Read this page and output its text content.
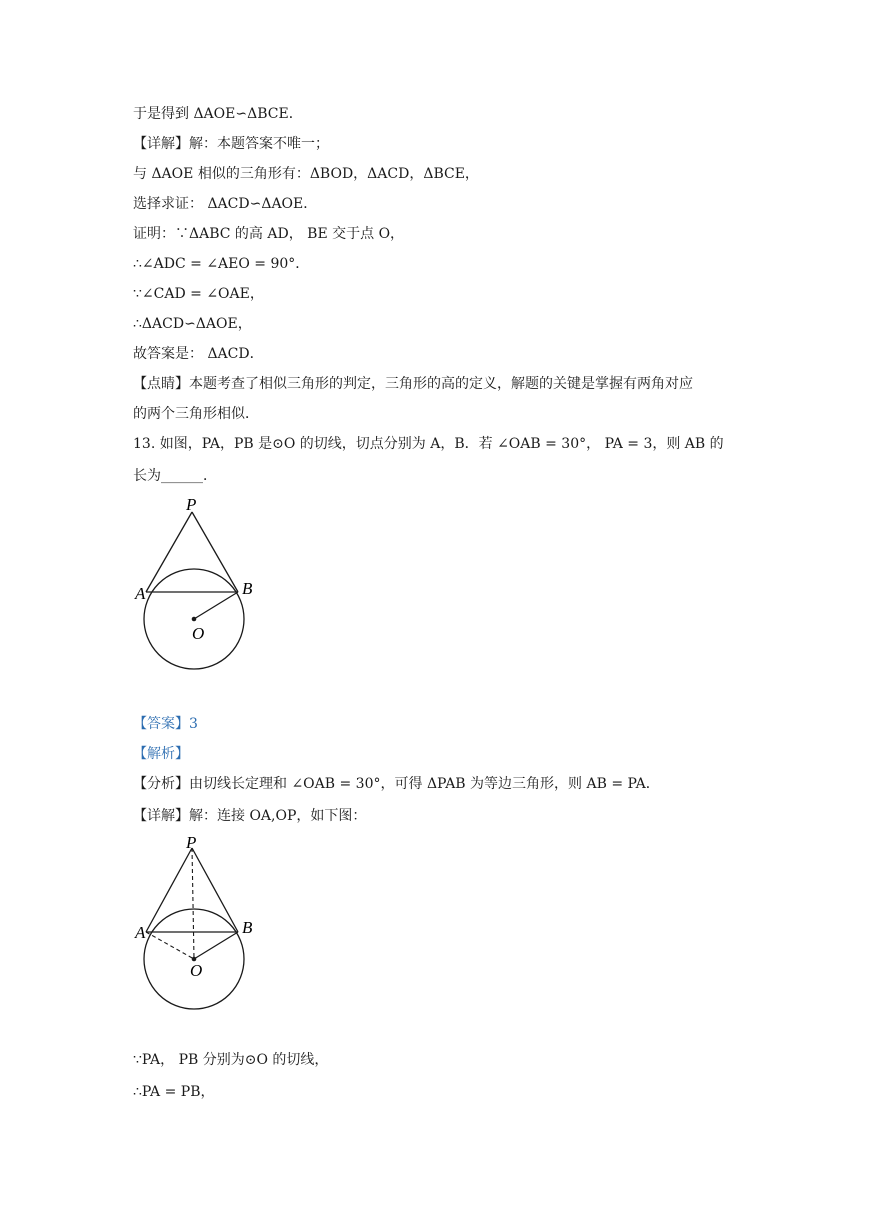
于是得到 ΔAOE∽ΔBCE．
【详解】解：本题答案不唯一；
与 ΔAOE 相似的三角形有：ΔBOD，ΔACD，ΔBCE，
选择求证： ΔACD∽ΔAOE．
证明：∵ΔABC 的高 AD， BE 交于点 O，
∴∠ADC = ∠AEO = 90°．
∵∠CAD = ∠OAE，
∴ΔACD∽ΔAOE，
故答案是： ΔACD．
【点睛】本题考查了相似三角形的判定，三角形的高的定义，解题的关键是掌握有两角对应
的两个三角形相似．
13. 如图，PA，PB 是⊙O 的切线，切点分别为 A，B．若 ∠OAB = 30°， PA = 3，则 AB 的
长为______．
P
A	B
O
【答案】3
【解析】
【分析】由切线长定理和 ∠OAB = 30°，可得 ΔPAB 为等边三角形，则 AB = PA．
【详解】解：连接 OA,OP，如下图：
P
A	B
O
∵PA， PB 分别为⊙O 的切线，
∴PA = PB，
